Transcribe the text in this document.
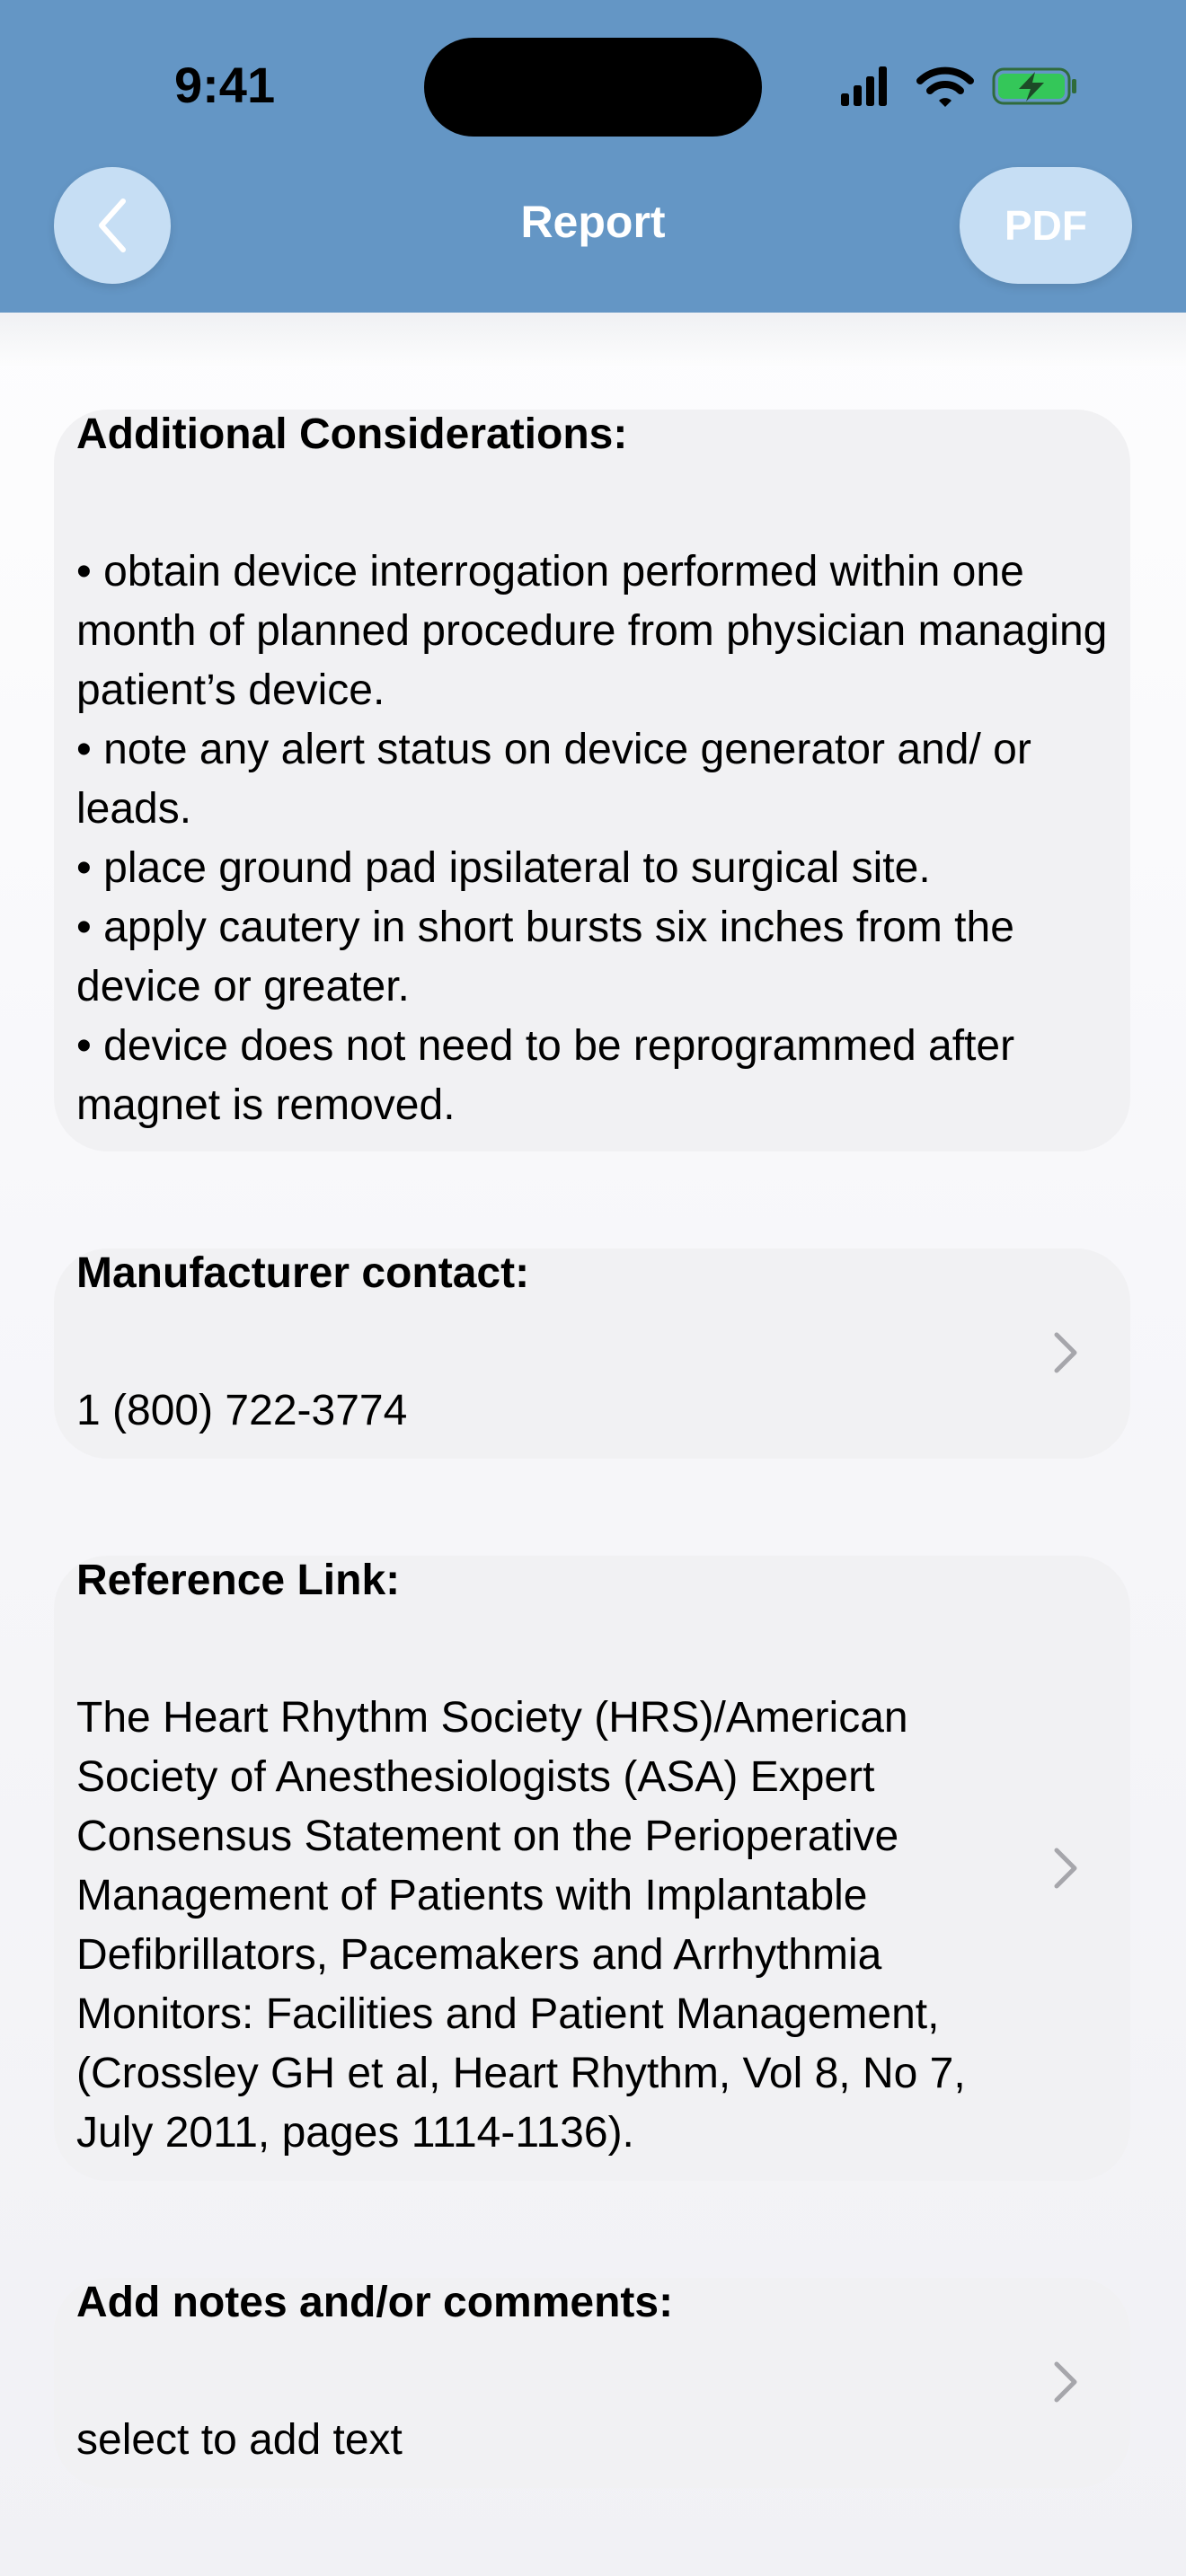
9:41
Report	PDF
Additional Considerations:
• obtain device interrogation performed within one month of planned procedure from physician managing patient’s device.
• note any alert status on device generator and/ or leads.
• place ground pad ipsilateral to surgical site.
• apply cautery in short bursts six inches from the device or greater.
• device does not need to be reprogrammed after magnet is removed.
Manufacturer contact:
1 (800) 722-3774
Reference Link:
The Heart Rhythm Society (HRS)/American Society of Anesthesiologists (ASA) Expert Consensus Statement on the Perioperative Management of Patients with Implantable Defibrillators, Pacemakers and Arrhythmia Monitors: Facilities and Patient Management, (Crossley GH et al, Heart Rhythm, Vol 8, No 7, July 2011, pages 1114-1136).
Add notes and/or comments:
select to add text
